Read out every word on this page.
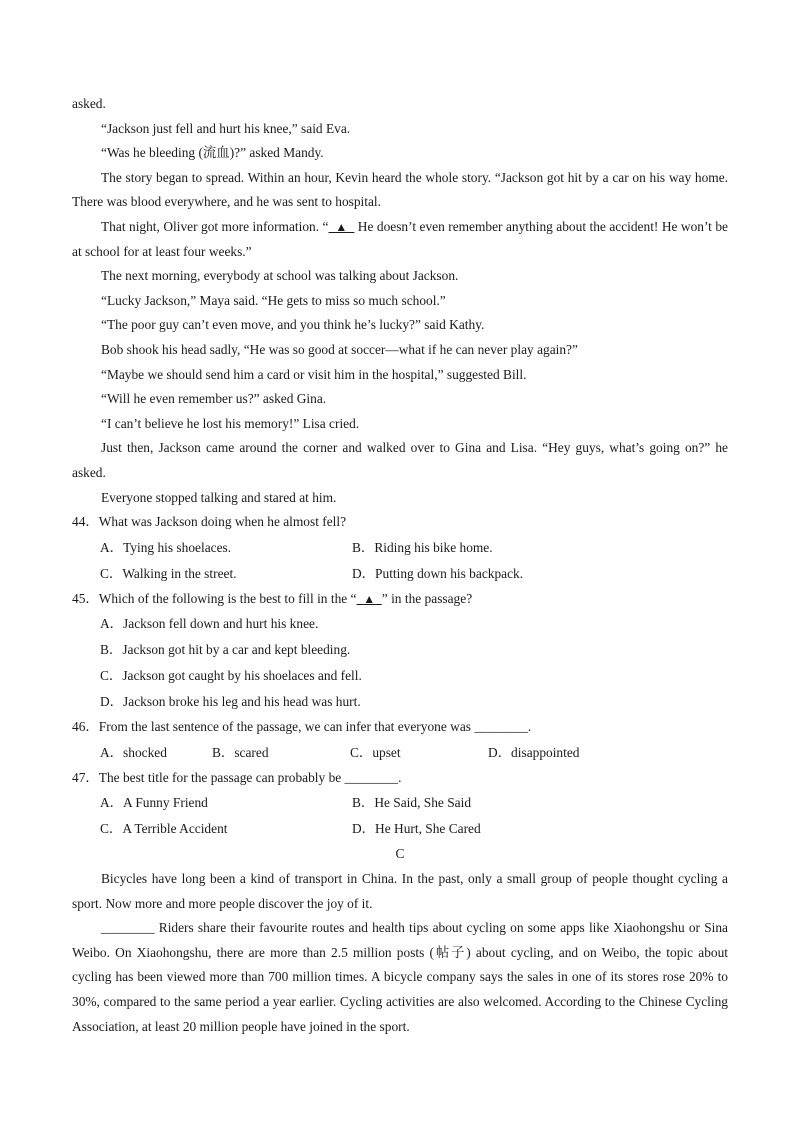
asked.
“Jackson just fell and hurt his knee,” said Eva.
“Was he bleeding (流血)?” asked Mandy.
The story began to spread. Within an hour, Kevin heard the whole story. “Jackson got hit by a car on his way home. There was blood everywhere, and he was sent to hospital.
That night, Oliver got more information. “ ▲   He doesn’t even remember anything about the accident! He won’t be at school for at least four weeks.”
The next morning, everybody at school was talking about Jackson.
“Lucky Jackson,” Maya said. “He gets to miss so much school.”
“The poor guy can’t even move, and you think he’s lucky?” said Kathy.
Bob shook his head sadly, “He was so good at soccer—what if he can never play again?”
“Maybe we should send him a card or visit him in the hospital,” suggested Bill.
“Will he even remember us?” asked Gina.
“I can’t believe he lost his memory!” Lisa cried.
Just then, Jackson came around the corner and walked over to Gina and Lisa. “Hey guys, what’s going on?” he asked.
Everyone stopped talking and stared at him.
44．What was Jackson doing when he almost fell?
A．Tying his shoelaces.	B．Riding his bike home.
C．Walking in the street.	D．Putting down his backpack.
45．Which of the following is the best to fill in the “ ▲ ” in the passage?
A．Jackson fell down and hurt his knee.
B．Jackson got hit by a car and kept bleeding.
C．Jackson got caught by his shoelaces and fell.
D．Jackson broke his leg and his head was hurt.
46．From the last sentence of the passage, we can infer that everyone was ________.
A．shocked	B．scared	C．upset	D．disappointed
47．The best title for the passage can probably be ________.
A．A Funny Friend	B．He Said, She Said
C．A Terrible Accident	D．He Hurt, She Cared
C
Bicycles have long been a kind of transport in China. In the past, only a small group of people thought cycling a sport. Now more and more people discover the joy of it.
________ Riders share their favourite routes and health tips about cycling on some apps like Xiaohongshu or Sina Weibo. On Xiaohongshu, there are more than 2.5 million posts (帖子) about cycling, and on Weibo, the topic about cycling has been viewed more than 700 million times. A bicycle company says the sales in one of its stores rose 20% to 30%, compared to the same period a year earlier. Cycling activities are also welcomed. According to the Chinese Cycling Association, at least 20 million people have joined in the sport.
